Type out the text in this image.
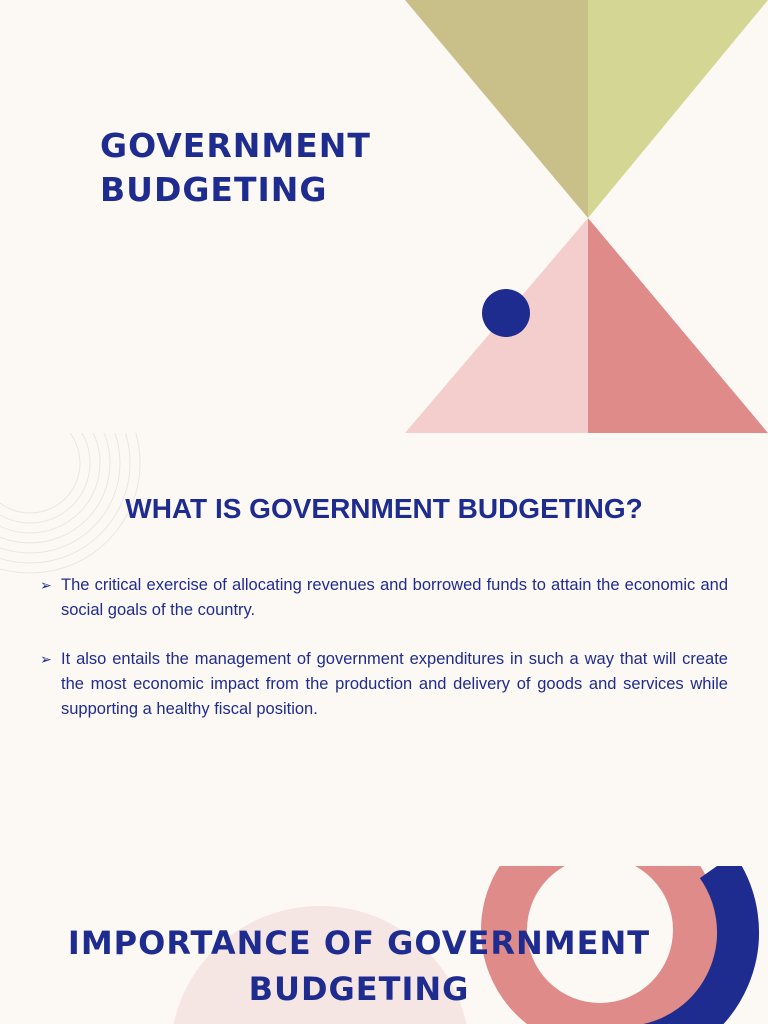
GOVERNMENT
BUDGETING
WHAT IS GOVERNMENT BUDGETING?
➢ The critical exercise of allocating revenues and borrowed funds to attain the economic and social goals of the country.
➢ It also entails the management of government expenditures in such a way that will create the most economic impact from the production and delivery of goods and services while supporting a healthy fiscal position.
IMPORTANCE OF GOVERNMENT
BUDGETING
